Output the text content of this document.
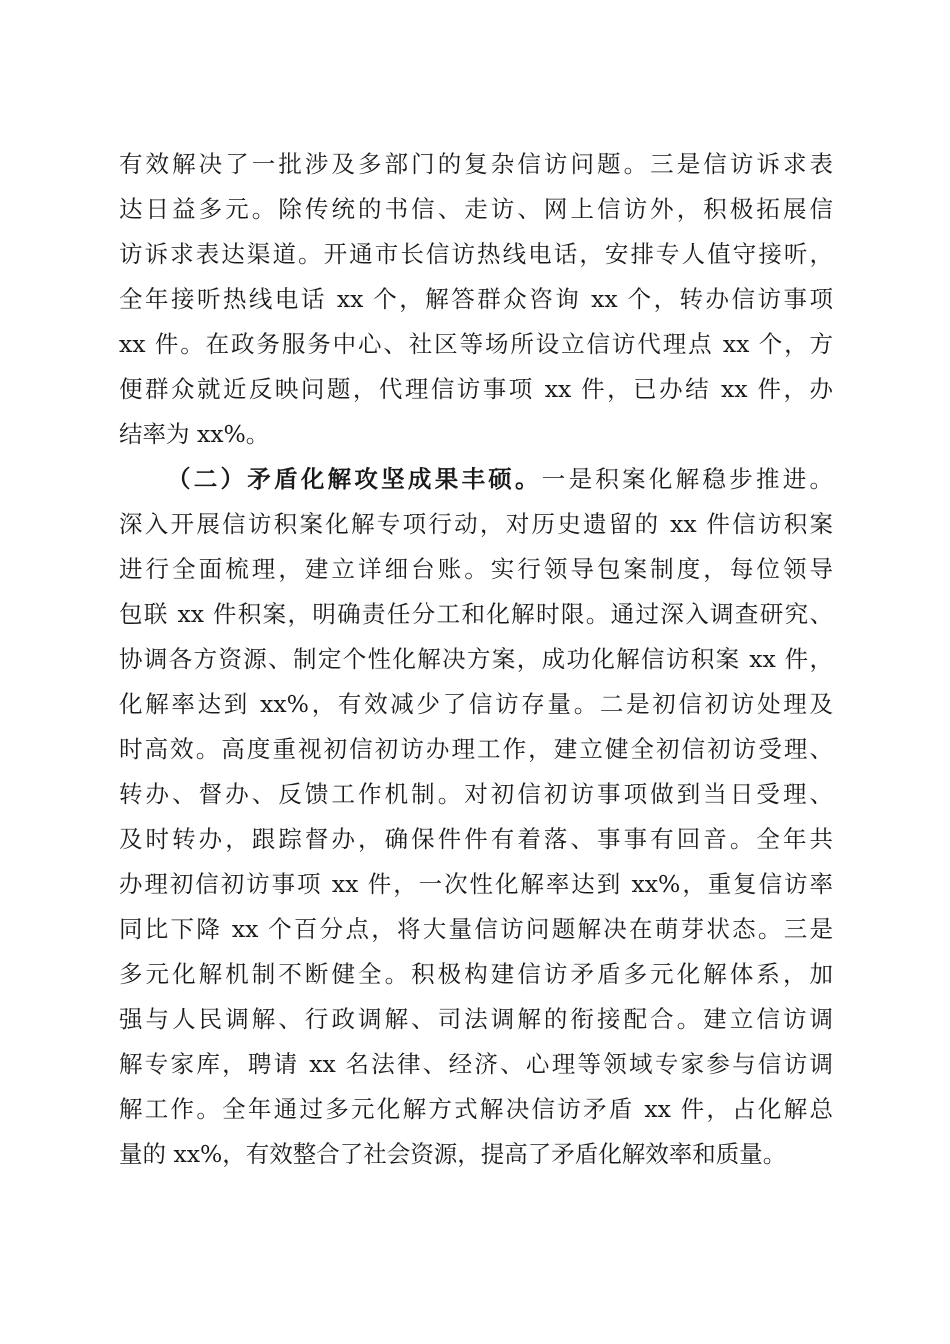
有效解决了一批涉及多部门的复杂信访问题。三是信访诉求表
达日益多元。除传统的书信、走访、网上信访外，积极拓展信
访诉求表达渠道。开通市长信访热线电话，安排专人值守接听，
全年接听热线电话 xx 个，解答群众咨询 xx 个，转办信访事项
xx 件。在政务服务中心、社区等场所设立信访代理点 xx 个，方
便群众就近反映问题，代理信访事项 xx 件，已办结 xx 件，办
结率为 xx%。
（二）矛盾化解攻坚成果丰硕。一是积案化解稳步推进。
深入开展信访积案化解专项行动，对历史遗留的 xx 件信访积案
进行全面梳理，建立详细台账。实行领导包案制度，每位领导
包联 xx 件积案，明确责任分工和化解时限。通过深入调查研究、
协调各方资源、制定个性化解决方案，成功化解信访积案 xx 件，
化解率达到 xx%，有效减少了信访存量。二是初信初访处理及
时高效。高度重视初信初访办理工作，建立健全初信初访受理、
转办、督办、反馈工作机制。对初信初访事项做到当日受理、
及时转办，跟踪督办，确保件件有着落、事事有回音。全年共
办理初信初访事项 xx 件，一次性化解率达到 xx%，重复信访率
同比下降 xx 个百分点，将大量信访问题解决在萌芽状态。三是
多元化解机制不断健全。积极构建信访矛盾多元化解体系，加
强与人民调解、行政调解、司法调解的衔接配合。建立信访调
解专家库，聘请 xx 名法律、经济、心理等领域专家参与信访调
解工作。全年通过多元化解方式解决信访矛盾 xx 件，占化解总
量的 xx%，有效整合了社会资源，提高了矛盾化解效率和质量。
